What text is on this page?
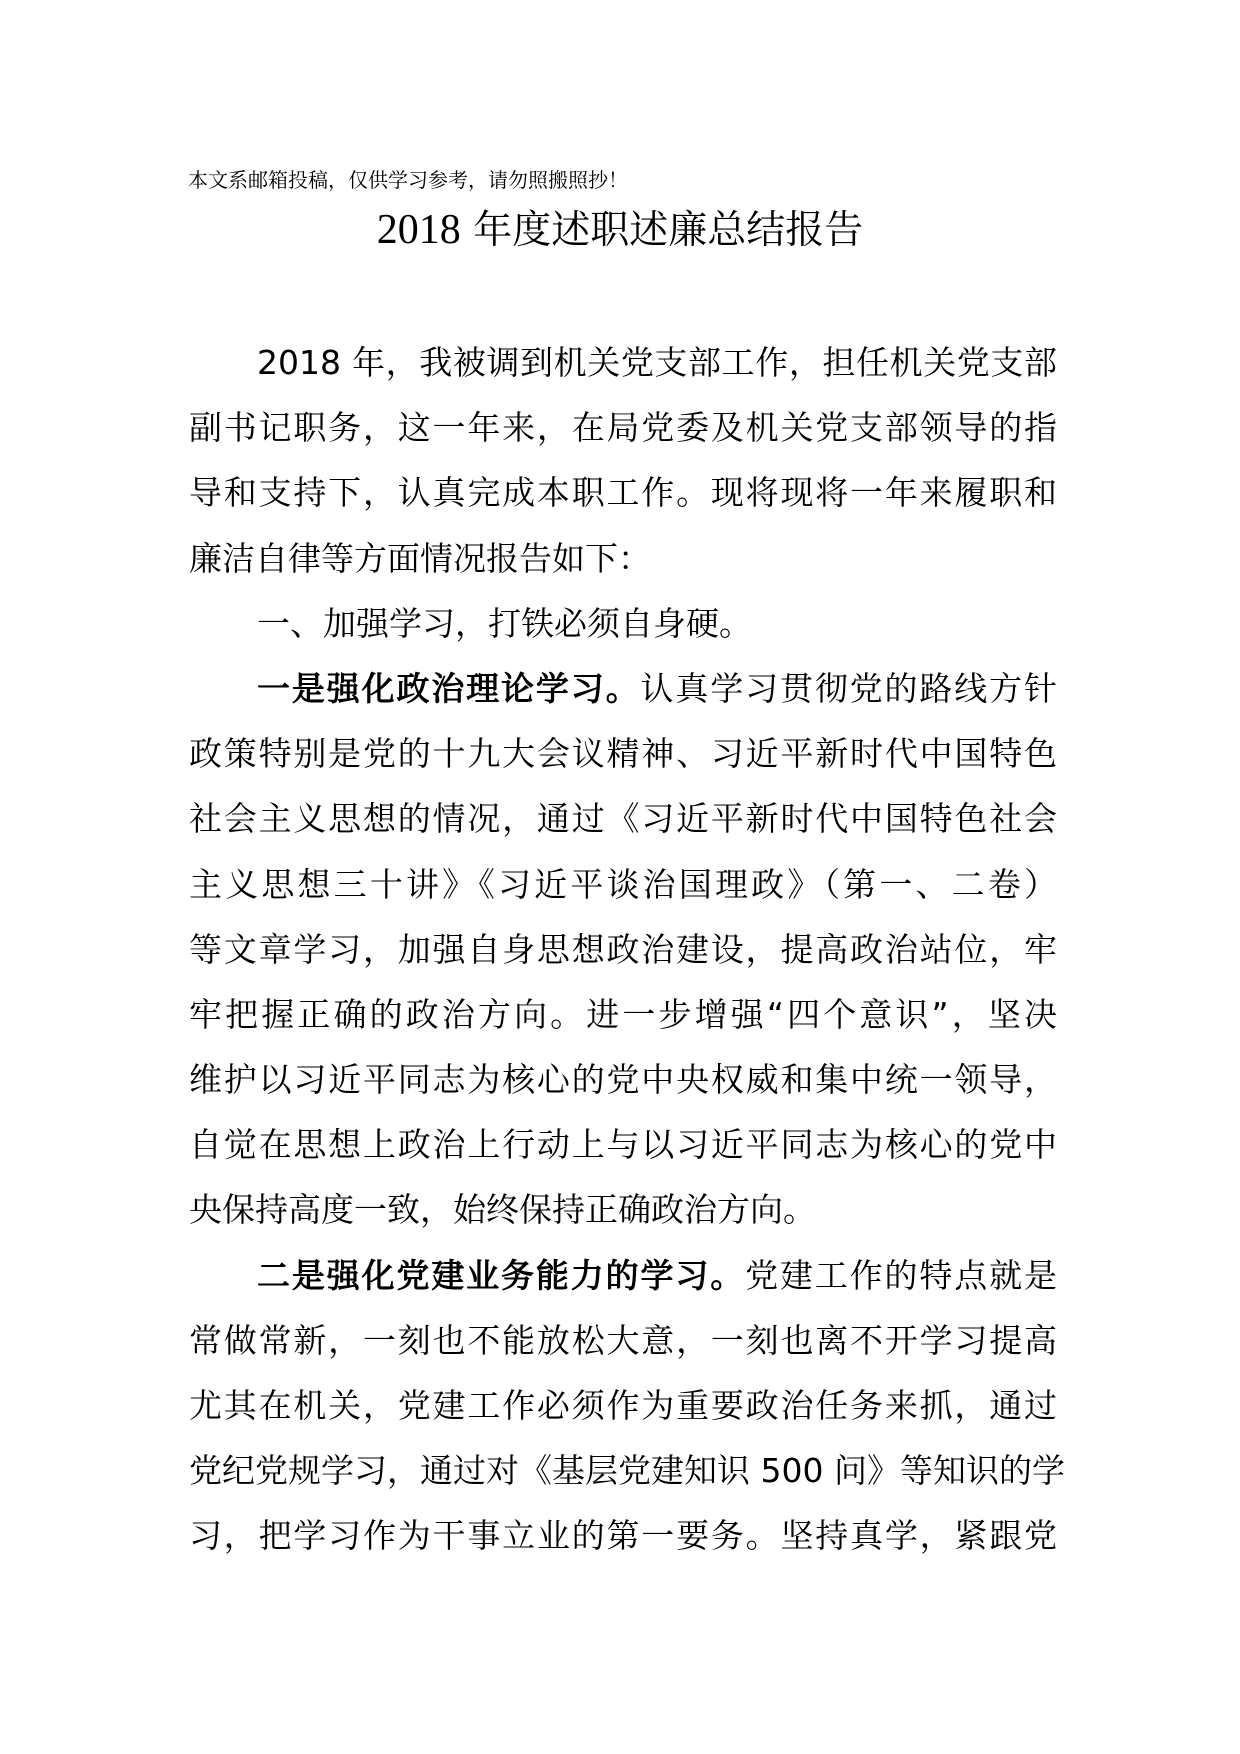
本文系邮箱投稿，仅供学习参考，请勿照搬照抄！
2018 年度述职述廉总结报告
2018 年，我被调到机关党支部工作，担任机关党支部
副书记职务，这一年来，在局党委及机关党支部领导的指
导和支持下，认真完成本职工作。现将现将一年来履职和
廉洁自律等方面情况报告如下：
一、加强学习，打铁必须自身硬。
一是强化政治理论学习。认真学习贯彻党的路线方针
政策特别是党的十九大会议精神、习近平新时代中国特色
社会主义思想的情况，通过《习近平新时代中国特色社会
主义思想三十讲》《习近平谈治国理政》（第一、二卷）
等文章学习，加强自身思想政治建设，提高政治站位，牢
牢把握正确的政治方向。进一步增强“四个意识”，坚决
维护以习近平同志为核心的党中央权威和集中统一领导，
自觉在思想上政治上行动上与以习近平同志为核心的党中
央保持高度一致，始终保持正确政治方向。
二是强化党建业务能力的学习。党建工作的特点就是
常做常新，一刻也不能放松大意，一刻也离不开学习提高
尤其在机关，党建工作必须作为重要政治任务来抓，通过
党纪党规学习，通过对《基层党建知识 500 问》等知识的学
习，把学习作为干事立业的第一要务。坚持真学，紧跟党
